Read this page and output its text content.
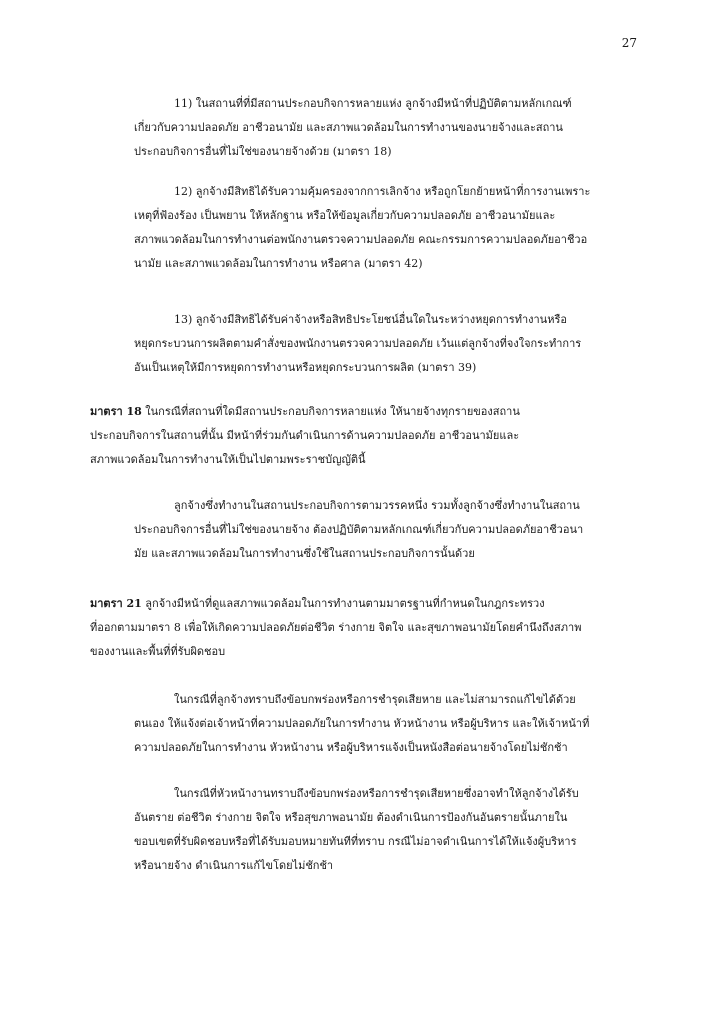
27
11) ในสถานที่ที่มีสถานประกอบกิจการหลายแห่ง ลูกจ้างมีหน้าที่ปฏิบัติตามหลักเกณฑ์
เกี่ยวกับความปลอดภัย อาชีวอนามัย และสภาพแวดล้อมในการทำงานของนายจ้างและสถาน
ประกอบกิจการอื่นที่ไม่ใช่ของนายจ้างด้วย (มาตรา 18)
12) ลูกจ้างมีสิทธิได้รับความคุ้มครองจากการเลิกจ้าง หรือถูกโยกย้ายหน้าที่การงานเพราะ
เหตุที่ฟ้องร้อง เป็นพยาน ให้หลักฐาน หรือให้ข้อมูลเกี่ยวกับความปลอดภัย อาชีวอนามัยและ
สภาพแวดล้อมในการทำงานต่อพนักงานตรวจความปลอดภัย คณะกรรมการความปลอดภัยอาชีวอ
นามัย และสภาพแวดล้อมในการทำงาน หรือศาล (มาตรา 42)
13) ลูกจ้างมีสิทธิได้รับค่าจ้างหรือสิทธิประโยชน์อื่นใดในระหว่างหยุดการทำงานหรือ
หยุดกระบวนการผลิตตามคำสั่งของพนักงานตรวจความปลอดภัย เว้นแต่ลูกจ้างที่จงใจกระทำการ
อันเป็นเหตุให้มีการหยุดการทำงานหรือหยุดกระบวนการผลิต (มาตรา 39)
มาตรา 18 ในกรณีที่สถานที่ใดมีสถานประกอบกิจการหลายแห่ง ให้นายจ้างทุกรายของสถาน
ประกอบกิจการในสถานที่นั้น มีหน้าที่ร่วมกันดำเนินการด้านความปลอดภัย อาชีวอนามัยและ
สภาพแวดล้อมในการทำงานให้เป็นไปตามพระราชบัญญัตินี้
ลูกจ้างซึ่งทำงานในสถานประกอบกิจการตามวรรคหนึ่ง รวมทั้งลูกจ้างซึ่งทำงานในสถาน
ประกอบกิจการอื่นที่ไม่ใช่ของนายจ้าง ต้องปฏิบัติตามหลักเกณฑ์เกี่ยวกับความปลอดภัยอาชีวอนา
มัย และสภาพแวดล้อมในการทำงานซึ่งใช้ในสถานประกอบกิจการนั้นด้วย
มาตรา 21 ลูกจ้างมีหน้าที่ดูแลสภาพแวดล้อมในการทำงานตามมาตรฐานที่กำหนดในกฎกระทรวง
ที่ออกตามมาตรา 8 เพื่อให้เกิดความปลอดภัยต่อชีวิต ร่างกาย จิตใจ และสุขภาพอนามัยโดยคำนึงถึงสภาพ
ของงานและพื้นที่ที่รับผิดชอบ
ในกรณีที่ลูกจ้างทราบถึงข้อบกพร่องหรือการชำรุดเสียหาย และไม่สามารถแก้ไขได้ด้วย
ตนเอง ให้แจ้งต่อเจ้าหน้าที่ความปลอดภัยในการทำงาน หัวหน้างาน หรือผู้บริหาร และให้เจ้าหน้าที่
ความปลอดภัยในการทำงาน หัวหน้างาน หรือผู้บริหารแจ้งเป็นหนังสือต่อนายจ้างโดยไม่ชักช้า
ในกรณีที่หัวหน้างานทราบถึงข้อบกพร่องหรือการชำรุดเสียหายซึ่งอาจทำให้ลูกจ้างได้รับ
อันตราย ต่อชีวิต ร่างกาย จิตใจ หรือสุขภาพอนามัย ต้องดำเนินการป้องกันอันตรายนั้นภายใน
ขอบเขตที่รับผิดชอบหรือที่ได้รับมอบหมายทันทีที่ทราบ กรณีไม่อาจดำเนินการได้ให้แจ้งผู้บริหาร
หรือนายจ้าง ดำเนินการแก้ไขโดยไม่ชักช้า
